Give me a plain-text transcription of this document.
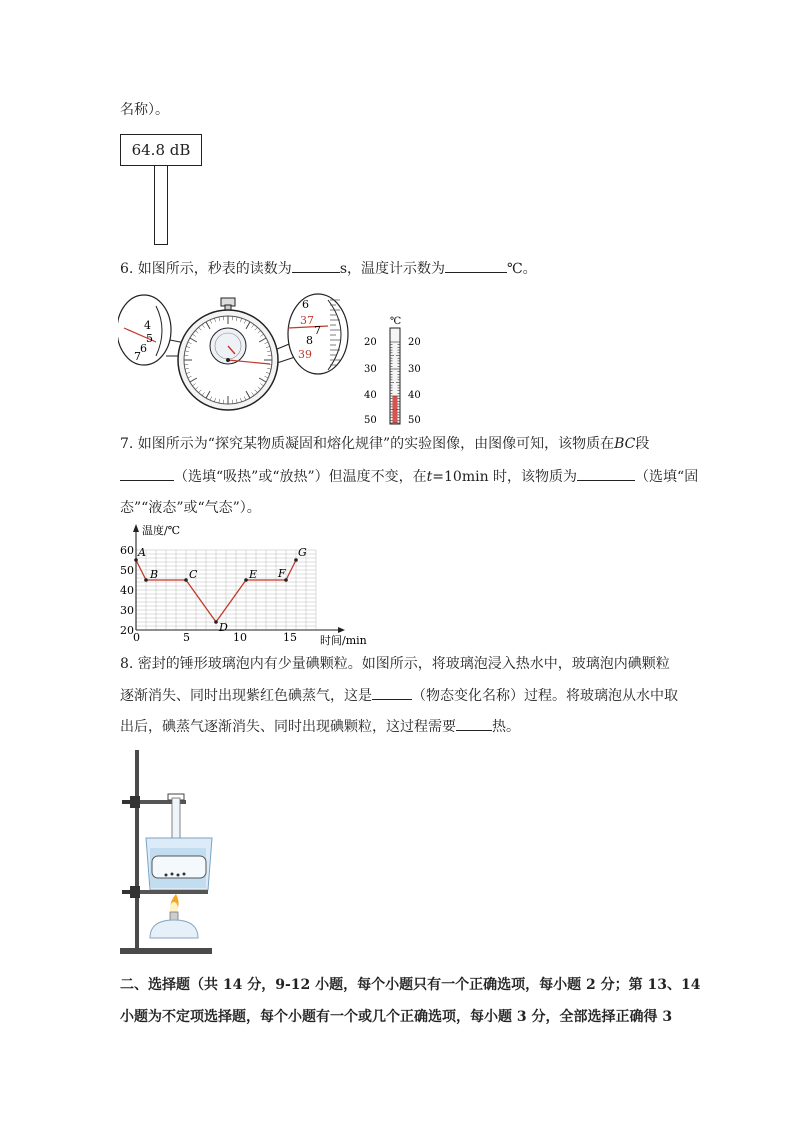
名称）。
64.8 dB
6. 如图所示，秒表的读数为	s，温度计示数为	℃。
4
5
6
7
6
37
7
8
39
℃
20
30
40
50
20
30
40
50
7. 如图所示为“探究某物质凝固和熔化规律”的实验图像，由图像可知，该物质在BC段
（选填“吸热”或“放热”）但温度不变，在t=10min 时，该物质为	（选填“固
态”“液态”或“气态”）。
0	5	10	15
20
30
40
50
60 A
B	C
D
E F
G
温度/℃
时间/min
8. 密封的锤形玻璃泡内有少量碘颗粒。如图所示，将玻璃泡浸入热水中，玻璃泡内碘颗粒
逐渐消失、同时出现紫红色碘蒸气，这是	（物态变化名称）过程。将玻璃泡从水中取
出后，碘蒸气逐渐消失、同时出现碘颗粒，这过程需要	热。
二、选择题（共 14 分，9-12 小题，每个小题只有一个正确选项，每小题 2 分；第 13、14
小题为不定项选择题，每个小题有一个或几个正确选项，每小题 3 分，全部选择正确得 3
